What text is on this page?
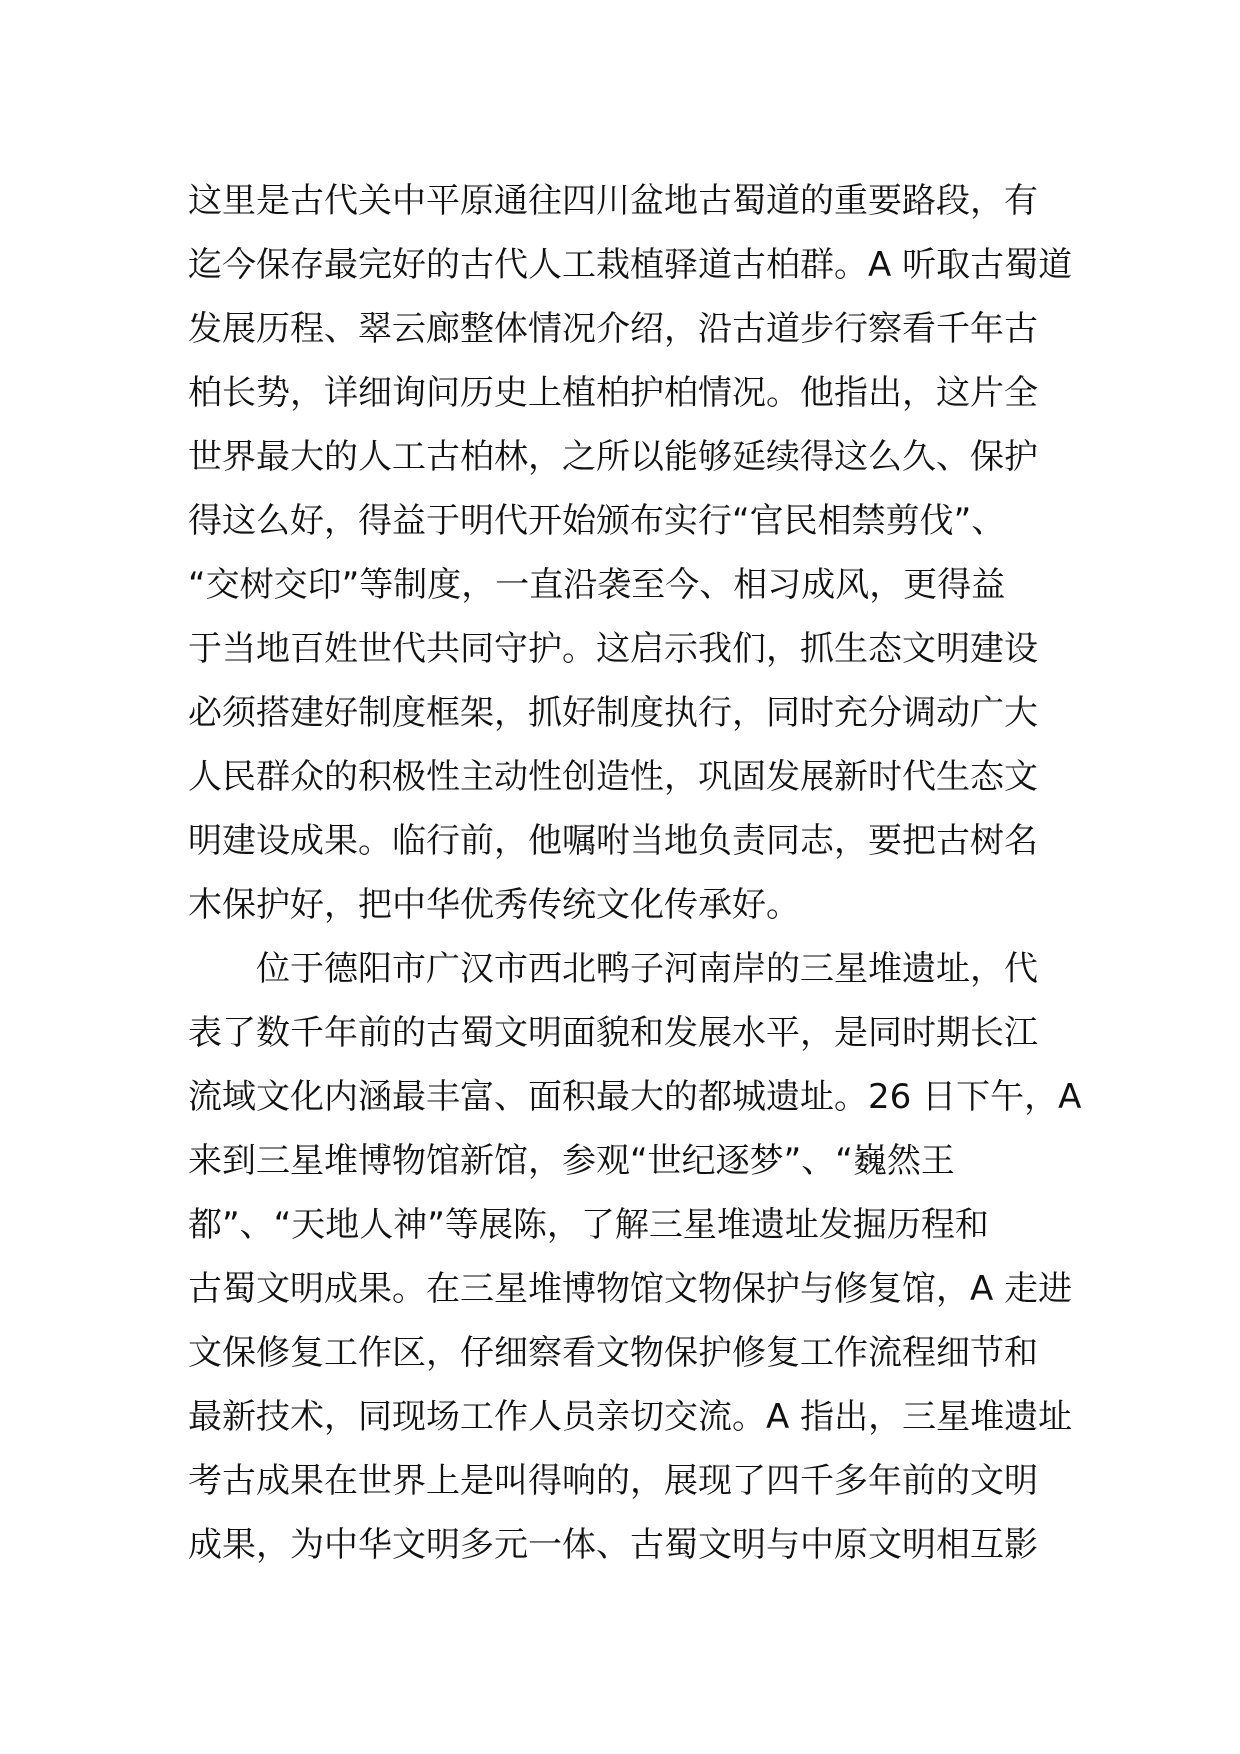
这里是古代关中平原通往四川盆地古蜀道的重要路段，有
迄今保存最完好的古代人工栽植驿道古柏群。A 听取古蜀道
发展历程、翠云廊整体情况介绍，沿古道步行察看千年古
柏长势，详细询问历史上植柏护柏情况。他指出，这片全
世界最大的人工古柏林，之所以能够延续得这么久、保护
得这么好，得益于明代开始颁布实行“官民相禁剪伐”、
“交树交印”等制度，一直沿袭至今、相习成风，更得益
于当地百姓世代共同守护。这启示我们，抓生态文明建设
必须搭建好制度框架，抓好制度执行，同时充分调动广大
人民群众的积极性主动性创造性，巩固发展新时代生态文
明建设成果。临行前，他嘱咐当地负责同志，要把古树名
木保护好，把中华优秀传统文化传承好。
位于德阳市广汉市西北鸭子河南岸的三星堆遗址，代
表了数千年前的古蜀文明面貌和发展水平，是同时期长江
流域文化内涵最丰富、面积最大的都城遗址。26 日下午，A
来到三星堆博物馆新馆，参观“世纪逐梦”、“巍然王
都”、“天地人神”等展陈，了解三星堆遗址发掘历程和
古蜀文明成果。在三星堆博物馆文物保护与修复馆，A 走进
文保修复工作区，仔细察看文物保护修复工作流程细节和
最新技术，同现场工作人员亲切交流。A 指出，三星堆遗址
考古成果在世界上是叫得响的，展现了四千多年前的文明
成果，为中华文明多元一体、古蜀文明与中原文明相互影
